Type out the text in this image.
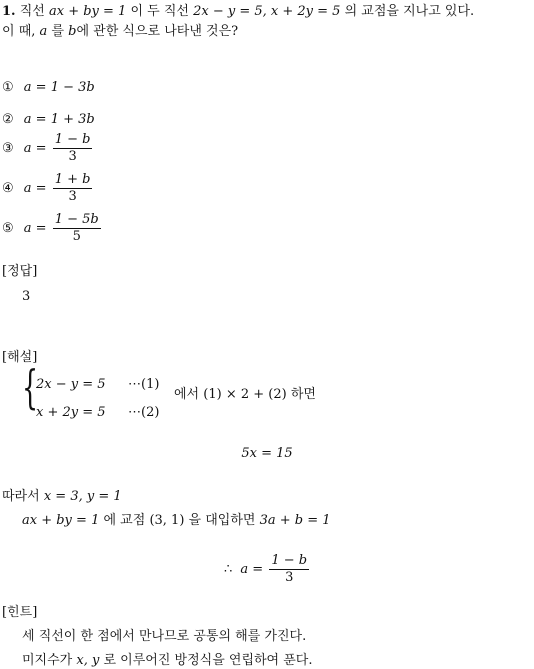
1. 직선 ax + by = 1 이 두 직선 2x − y = 5, x + 2y = 5 의 교점을 지나고 있다.
이 때, a 를 b에 관한 식으로 나타낸 것은?
① a = 1 − 3b
② a = 1 + 3b
③ $a = \frac{1 - b}{3}$
④ $a = \frac{1 + b}{3}$
⑤ $a = \frac{1 - 5b}{5}$
[정답]
3
[해설]
{
2x − y = 5 ⋯(1)
x + 2y = 5 ⋯(2)
에서 (1) × 2 + (2) 하면
5x = 15
따라서 x = 3, y = 1
ax + by = 1 에 교점 (3, 1) 을 대입하면 3a + b = 1
∴ $a = \frac{1 - b}{3}$
[힌트]
세 직선이 한 점에서 만나므로 공통의 해를 가진다.
미지수가 x, y 로 이루어진 방정식을 연립하여 푼다.
